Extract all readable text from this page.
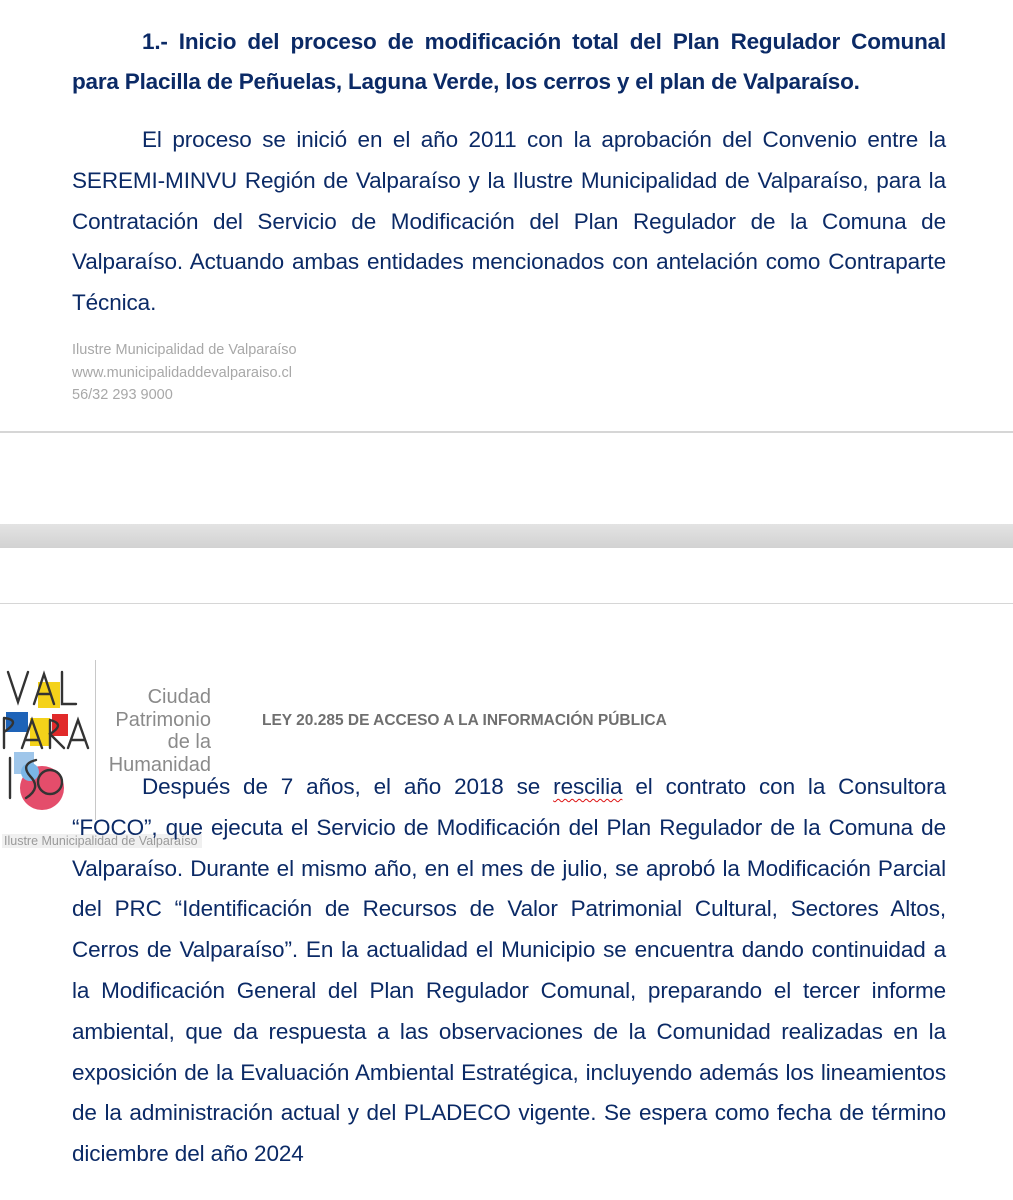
1.- Inicio del proceso de modificación total del Plan Regulador Comunal para Placilla de Peñuelas, Laguna Verde, los cerros y el plan de Valparaíso.
El proceso se inició en el año 2011 con la aprobación del Convenio entre la SEREMI-MINVU Región de Valparaíso y la Ilustre Municipalidad de Valparaíso, para la Contratación del Servicio de Modificación del Plan Regulador de la Comuna de Valparaíso. Actuando ambas entidades mencionados con antelación como Contraparte Técnica.
Ilustre Municipalidad de Valparaíso
www.municipalidaddevalparaiso.cl
56/32 293 9000
Ciudad
Patrimonio
de la
Humanidad
Ilustre Municipalidad de Valparaíso
LEY 20.285 DE ACCESO A LA INFORMACIÓN PÚBLICA
Después de 7 años, el año 2018 se rescilia el contrato con la Consultora “FOCO”, que ejecuta el Servicio de Modificación del Plan Regulador de la Comuna de Valparaíso. Durante el mismo año, en el mes de julio, se aprobó la Modificación Parcial del PRC “Identificación de Recursos de Valor Patrimonial Cultural, Sectores Altos, Cerros de Valparaíso”. En la actualidad el Municipio se encuentra dando continuidad a la Modificación General del Plan Regulador Comunal, preparando el tercer informe ambiental, que da respuesta a las observaciones de la Comunidad realizadas en la exposición de la Evaluación Ambiental Estratégica, incluyendo además los lineamientos de la administración actual y del PLADECO vigente. Se espera como fecha de término diciembre del año 2024
